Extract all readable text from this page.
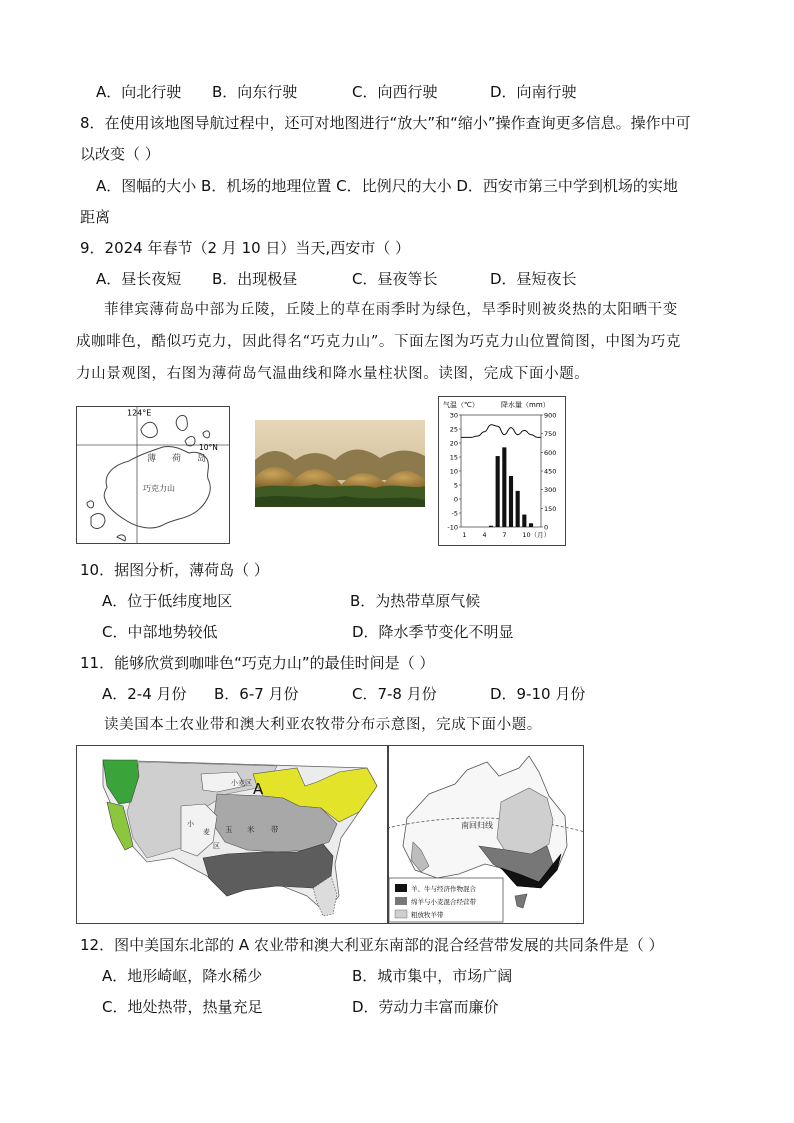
A．向北行驶 B．向东行驶	C．向西行驶	D．向南行驶
8．在使用该地图导航过程中，还可对地图进行“放大”和“缩小”操作查询更多信息。操作中可
以改变（ ）
A．图幅的大小 B．机场的地理位置 C．比例尺的大小 D．西安市第三中学到机场的实地
距离
9．2024 年春节（2 月 10 日）当天,西安市（ ）
A．昼长夜短 B．出现极昼	C．昼夜等长	D．昼短夜长
菲律宾薄荷岛中部为丘陵，丘陵上的草在雨季时为绿色，旱季时则被炎热的太阳晒干变
成咖啡色，酷似巧克力，因此得名“巧克力山”。下面左图为巧克力山位置简图，中图为巧克
力山景观图，右图为薄荷岛气温曲线和降水量柱状图。读图，完成下面小题。
124°E
10°N
薄 荷 岛
巧克力山
气温（℃）	降水量（mm）
30
25
20
15
10
5
0
-5
-10
900
750
600
450
300
150
0
1 4 7 10（月）
10．据图分析，薄荷岛（ ）
A．位于低纬度地区	B．为热带草原气候
C．中部地势较低	D．降水季节变化不明显
11．能够欣赏到咖啡色“巧克力山”的最佳时间是（ ）
A．2-4 月份 B．6-7 月份	C．7-8 月份	D．9-10 月份
读美国本土农业带和澳大利亚农牧带分布示意图，完成下面小题。
小麦区 A
玉 米 带
小
麦
区
南回归线
羊、牛与经济作物混合
绵羊与小麦混合经营带
粗放牧羊带
12．图中美国东北部的 A 农业带和澳大利亚东南部的混合经营带发展的共同条件是（ ）
A．地形崎岖，降水稀少	B．城市集中，市场广阔
C．地处热带，热量充足	D．劳动力丰富而廉价
